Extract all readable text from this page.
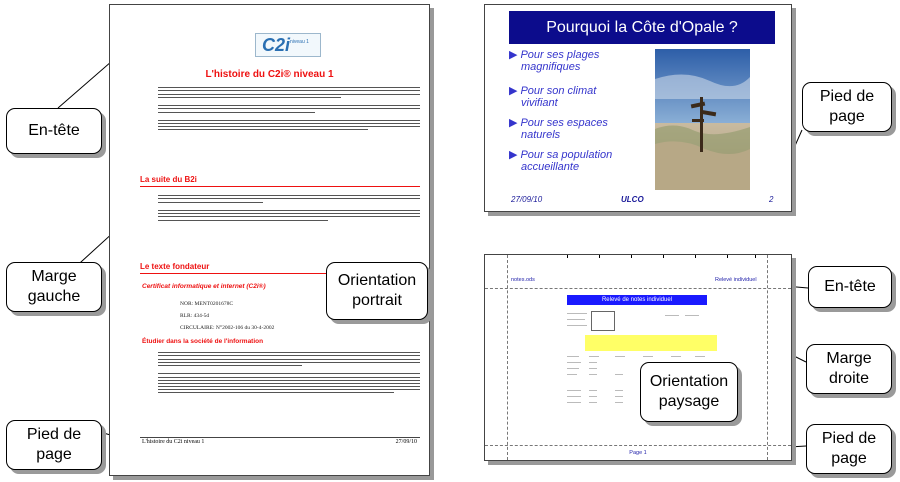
C2i niveau 1
L'histoire du C2i® niveau 1
La suite du B2i
Le texte fondateur
Certificat informatique et internet (C2i®)
NOR: MENT0201678C
RLR: 434-5d
CIRCULAIRE: N°2002-106 du 30-4-2002
Étudier dans la société de l'information
L'histoire du C2i niveau 1	27/09/10
Pourquoi la Côte d'Opale ?
▶ Pour ses plages
magnifiques
▶ Pour son climat
vivifiant
▶ Pour ses espaces
naturels
▶ Pour sa population
accueillante
27/09/10	ULCO	2
notes.ods	Relevé individuel
Relevé de notes individuel
Page 1
En-tête
Marge
gauche
Pied de
page
Orientation
portrait
Pied de
page
En-tête
Marge
droite
Orientation
paysage
Pied de
page
